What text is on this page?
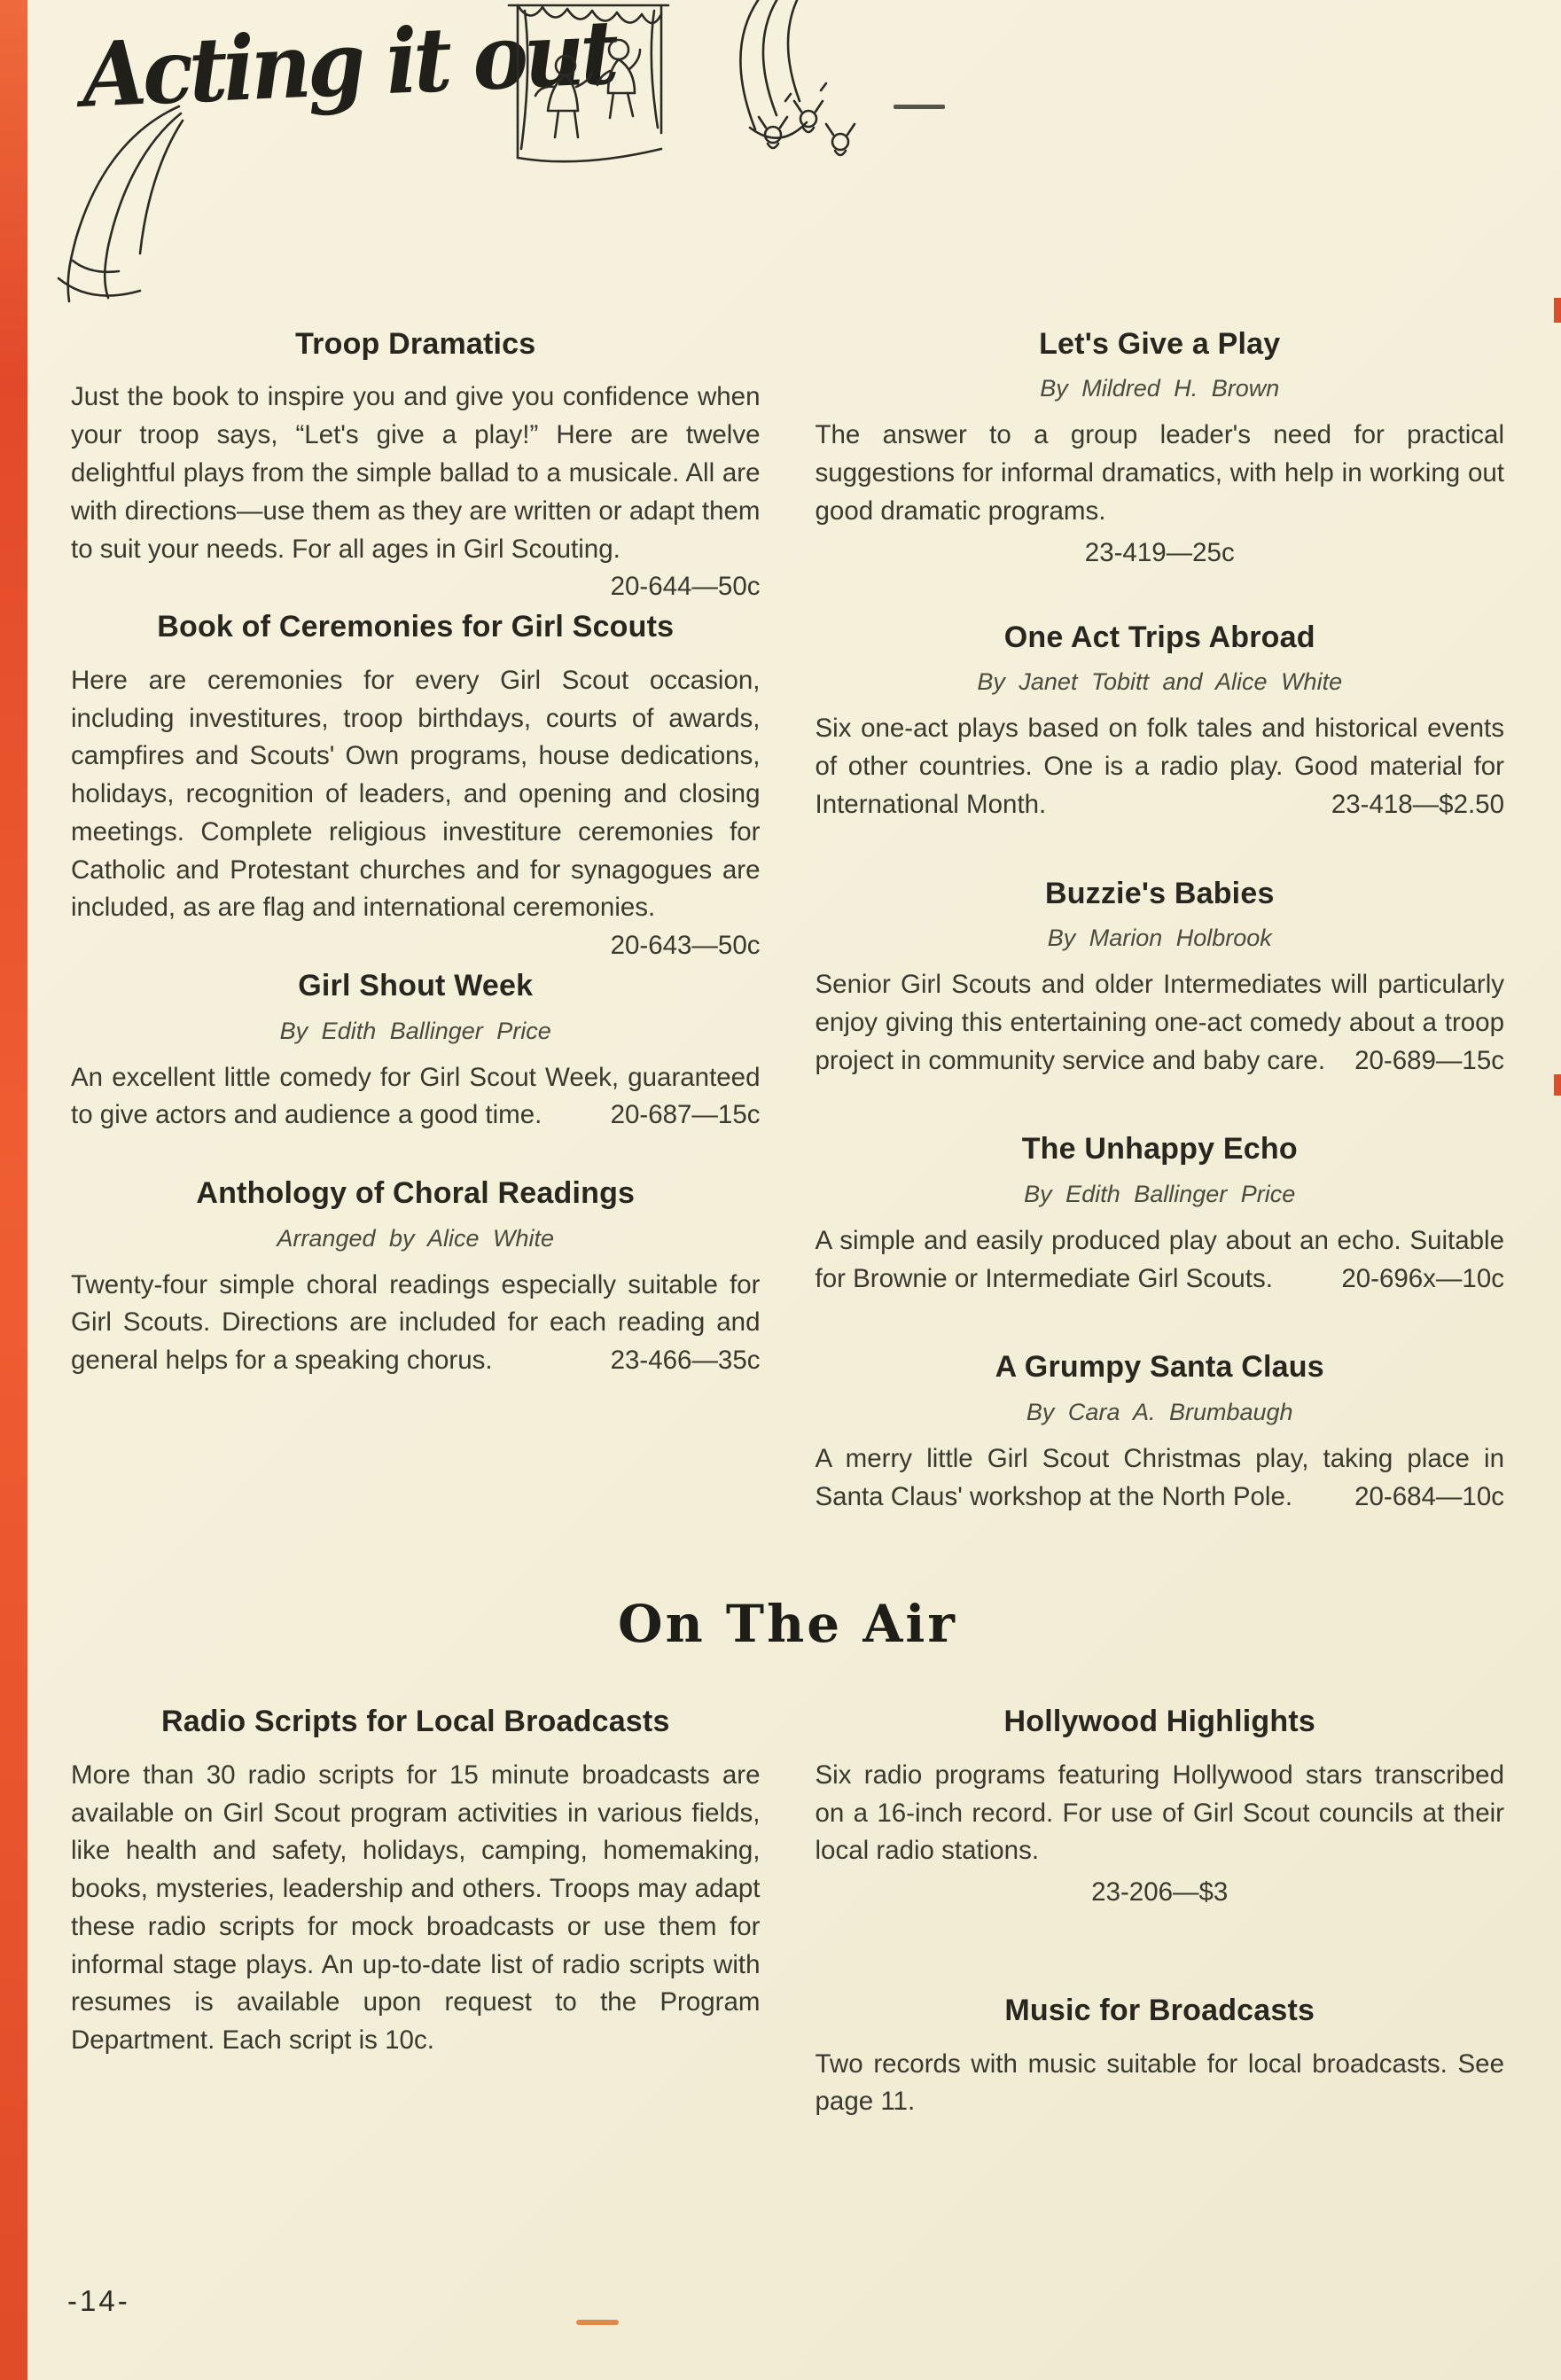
Acting it out
Troop Dramatics

Just the book to inspire you and give you confidence when your troop says, “Let's give a play!” Here are twelve delightful plays from the simple ballad to a musicale. All are with directions—use them as they are written or adapt them to suit your needs. For all ages in Girl Scouting.
20-644—50c

Book of Ceremonies for Girl Scouts

Here are ceremonies for every Girl Scout occasion, including investitures, troop birthdays, courts of awards, campfires and Scouts' Own programs, house dedications, holidays, recognition of leaders, and opening and closing meetings. Complete religious investiture ceremonies for Catholic and Protestant churches and for synagogues are included, as are flag and international ceremonies.
20-643—50c

Girl Shout Week
By Edith Ballinger Price

An excellent little comedy for Girl Scout Week, guaranteed to give actors and audience a good time.	20-687—15c

Anthology of Choral Readings
Arranged by Alice White

Twenty-four simple choral readings especially suitable for Girl Scouts. Directions are included for each reading and general helps for a speaking chorus.	23-466—35c

Let's Give a Play
By Mildred H. Brown

The answer to a group leader's need for practical suggestions for informal dramatics, with help in working out good dramatic programs.

23-419—25c
One Act Trips Abroad
By Janet Tobitt and Alice White

Six one-act plays based on folk tales and historical events of other countries. One is a radio play. Good material for International Month.	23-418—$2.50

Buzzie's Babies
By Marion Holbrook

Senior Girl Scouts and older Intermediates will particularly enjoy giving this entertaining one-act comedy about a troop project in community service and baby care. 20-689—15c

The Unhappy Echo
By Edith Ballinger Price

A simple and easily produced play about an echo. Suitable for Brownie or Intermediate Girl Scouts.	20-696x—10c

A Grumpy Santa Claus
By Cara A. Brumbaugh

A merry little Girl Scout Christmas play, taking place in Santa Claus' workshop at the North Pole. 20-684—10c

On The Air
Radio Scripts for Local Broadcasts

More than 30 radio scripts for 15 minute broadcasts are available on Girl Scout program activities in various fields, like health and safety, holidays, camping, homemaking, books, mysteries, leadership and others. Troops may adapt these radio scripts for mock broadcasts or use them for informal stage plays. An up-to-date list of radio scripts with resumes is available upon request to the Program Department. Each script is 10c.

Hollywood Highlights

Six radio programs featuring Hollywood stars transcribed on a 16-inch record. For use of Girl Scout councils at their local radio stations.

23-206—$3
Music for Broadcasts

Two records with music suitable for local broadcasts. See page 11.

-14-
